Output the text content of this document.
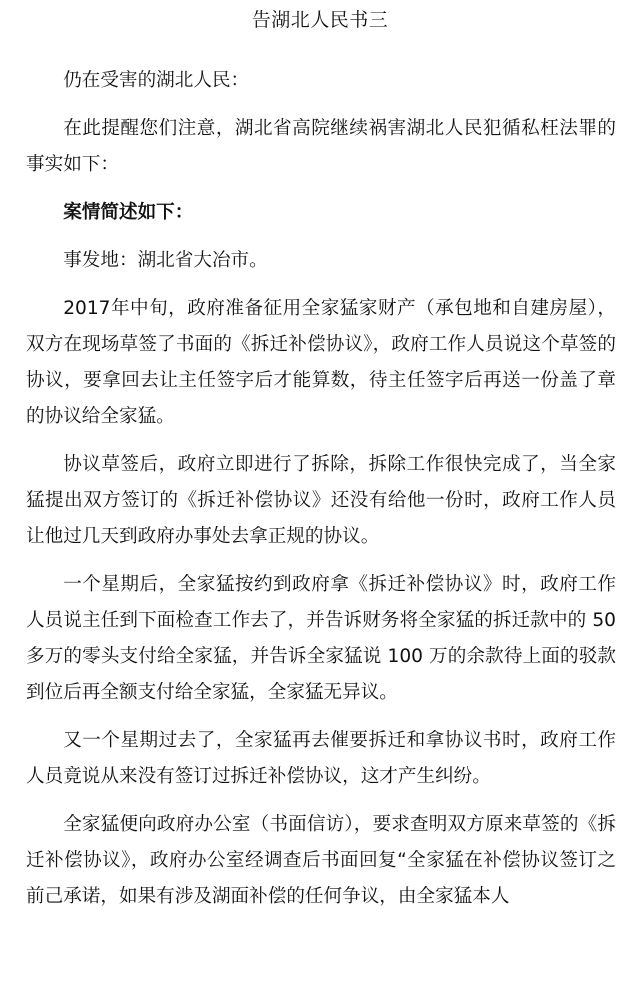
告湖北人民书三

仍在受害的湖北人民：

在此提醒您们注意，湖北省高院继续祸害湖北人民犯循私枉法罪的事实如下：

案情简述如下：

事发地：湖北省大冶市。

2017年中旬，政府准备征用全家猛家财产（承包地和自建房屋），双方在现场草签了书面的《拆迁补偿协议》，政府工作人员说这个草签的协议，要拿回去让主任签字后才能算数，待主任签字后再送一份盖了章的协议给全家猛。

协议草签后，政府立即进行了拆除，拆除工作很快完成了，当全家猛提出双方签订的《拆迁补偿协议》还没有给他一份时，政府工作人员让他过几天到政府办事处去拿正规的协议。

一个星期后，全家猛按约到政府拿《拆迁补偿协议》时，政府工作人员说主任到下面检查工作去了，并告诉财务将全家猛的拆迁款中的 50 多万的零头支付给全家猛，并告诉全家猛说 100 万的余款待上面的驳款到位后再全额支付给全家猛，全家猛无异议。

又一个星期过去了，全家猛再去催要拆迁和拿协议书时，政府工作人员竟说从来没有签订过拆迁补偿协议，这才产生纠纷。

全家猛便向政府办公室（书面信访），要求查明双方原来草签的《拆迁补偿协议》，政府办公室经调查后书面回复“全家猛在补偿协议签订之前己承诺，如果有涉及湖面补偿的任何争议，由全家猛本人
